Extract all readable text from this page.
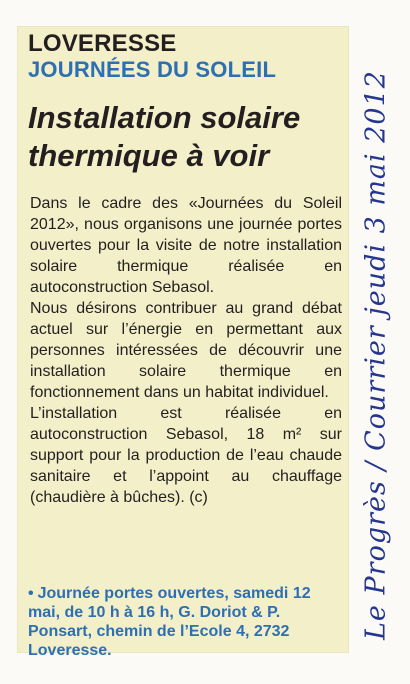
LOVERESSE
JOURNÉES DU SOLEIL
Installation solaire thermique à voir

Dans le cadre des «Journées du Soleil 2012», nous organisons une journée portes ouvertes pour la visite de notre installation solaire thermique réalisée en autoconstruction Sebasol.

Nous désirons contribuer au grand débat actuel sur l’énergie en permettant aux personnes intéressées de découvrir une installation solaire thermique en fonctionnement dans un habitat individuel.

L’installation est réalisée en autoconstruction Sebasol, 18 m² sur support pour la production de l’eau chaude sanitaire et l’appoint au chauffage (chaudière à bûches). (c)

• Journée portes ouvertes, samedi 12 mai, de 10 h à 16 h, G. Doriot & P. Ponsart, chemin de l’Ecole 4, 2732 Loveresse.
Le Progrès / Courrier jeudi 3 mai 2012
